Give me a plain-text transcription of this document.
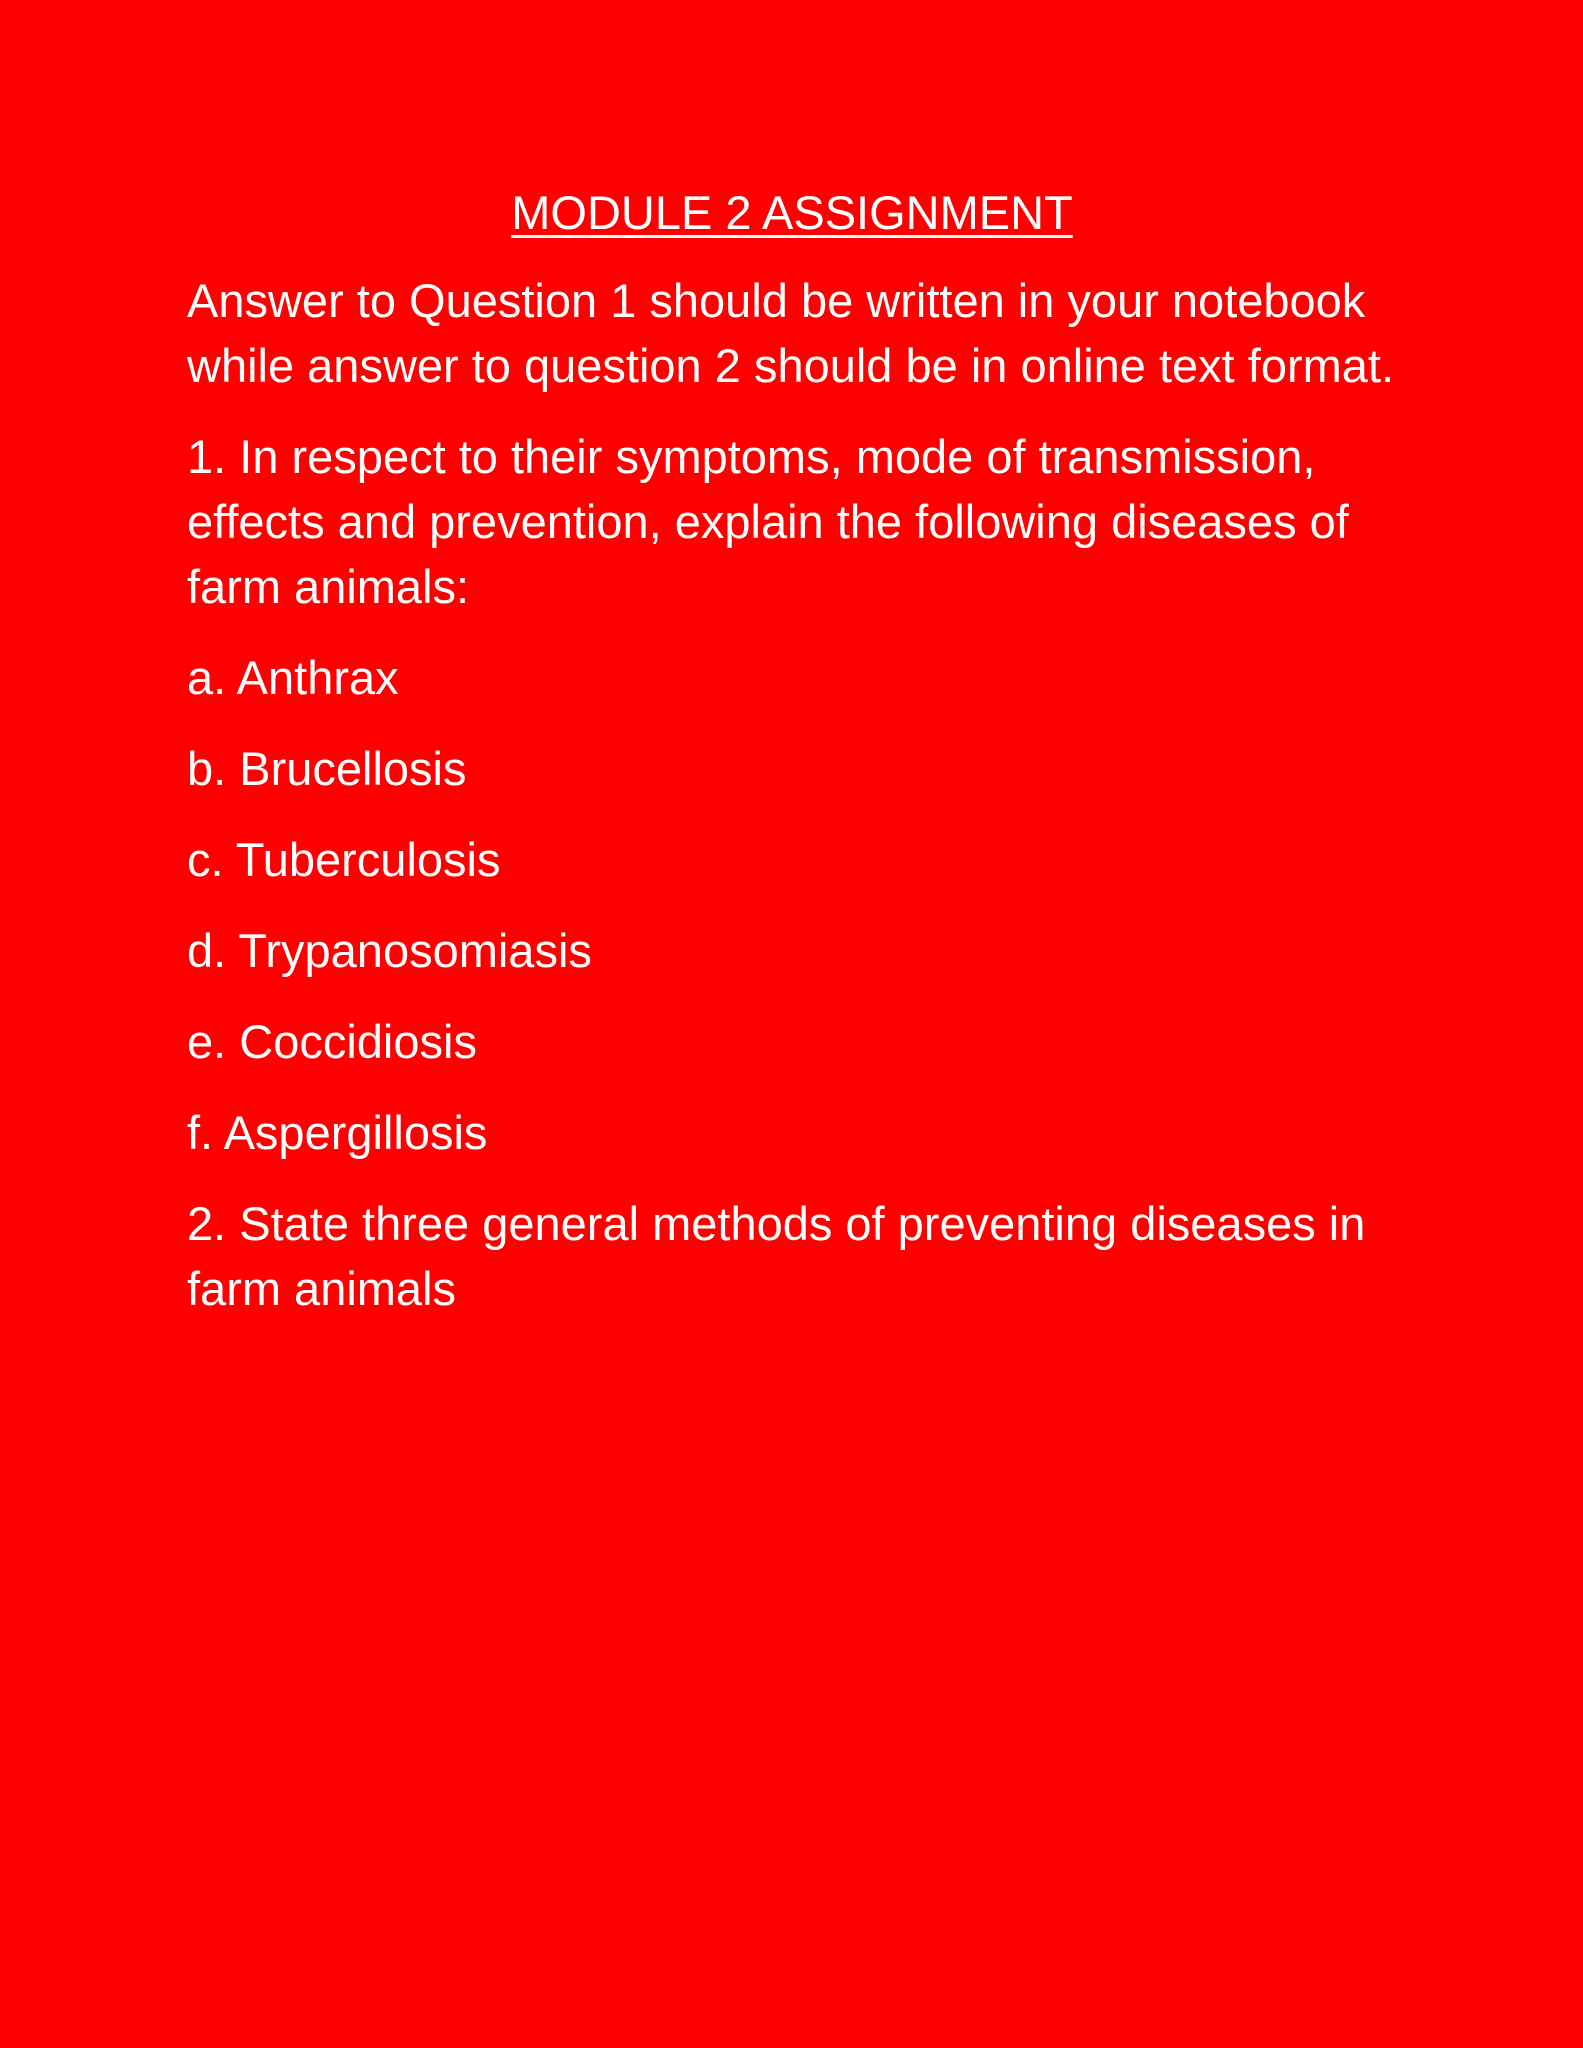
MODULE 2 ASSIGNMENT
Answer to Question 1 should be written in your notebook while answer to question 2 should be in online text format.
1. In respect to their symptoms, mode of transmission, effects and prevention, explain the following diseases of farm animals:
a. Anthrax
b. Brucellosis
c. Tuberculosis
d. Trypanosomiasis
e. Coccidiosis
f. Aspergillosis
2. State three general methods of preventing diseases in farm animals
